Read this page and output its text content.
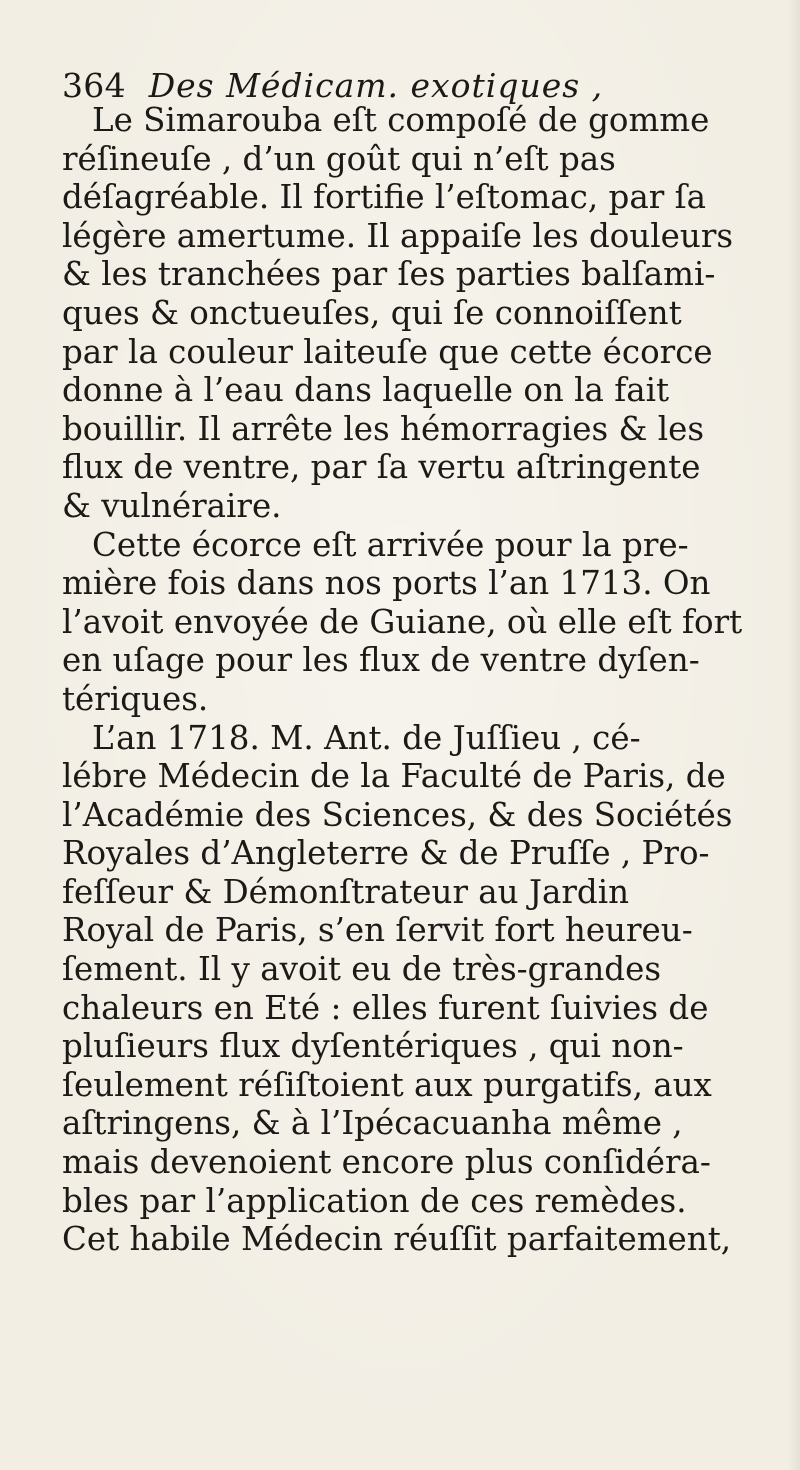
364 Des Médicam. exotiques ,
Le Simarouba eſt compoſé de gomme
réſineuſe , d’un goût qui n’eſt pas
déſagréable. Il fortifie l’eſtomac, par ſa
légère amertume. Il appaiſe les douleurs
& les tranchées par ſes parties balſami-
ques & onctueuſes, qui ſe connoiſſent
par la couleur laiteuſe que cette écorce
donne à l’eau dans laquelle on la fait
bouillir. Il arrête les hémorragies & les
flux de ventre, par ſa vertu aſtringente
& vulnéraire.
Cette écorce eſt arrivée pour la pre-
mière fois dans nos ports l’an 1713. On
l’avoit envoyée de Guiane, où elle eſt fort
en uſage pour les flux de ventre dyſen-
tériques.
L’an 1718. M. Ant. de Juſſieu , cé-
lébre Médecin de la Faculté de Paris, de
l’Académie des Sciences, & des Sociétés
Royales d’Angleterre & de Pruſſe , Pro-
feſſeur & Démonſtrateur au Jardin
Royal de Paris, s’en ſervit fort heureu-
ſement. Il y avoit eu de très-grandes
chaleurs en Eté : elles furent ſuivies de
pluſieurs flux dyſentériques , qui non-
ſeulement réſiſtoient aux purgatifs, aux
aſtringens, & à l’Ipécacuanha même ,
mais devenoient encore plus conſidéra-
bles par l’application de ces remèdes.
Cet habile Médecin réuſſit parfaitement,
